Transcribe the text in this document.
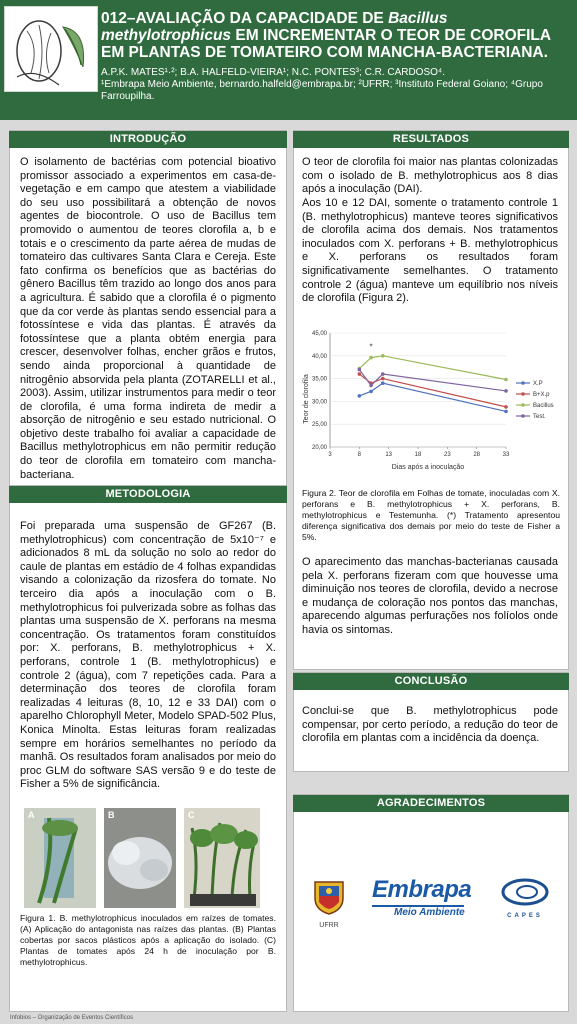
012–AVALIAÇÃO DA CAPACIDADE DE Bacillus methylotrophicus EM INCREMENTAR O TEOR DE COROFILA EM PLANTAS DE TOMATEIRO COM MANCHA-BACTERIANA.
A.P.K. MATES¹·²; B.A. HALFELD-VIEIRA¹; N.C. PONTES³; C.R. CARDOSO⁴.
¹Embrapa Meio Ambiente, bernardo.halfeld@embrapa.br; ²UFRR; ³Instituto Federal Goiano; ⁴Grupo Farroupilha.
INTRODUÇÃO
O isolamento de bactérias com potencial bioativo promissor associado a experimentos em casa-de-vegetação e em campo que atestem a viabilidade do seu uso possibilitará a obtenção de novos agentes de biocontrole. O uso de Bacillus tem promovido o aumentou de teores clorofila a, b e totais e o crescimento da parte aérea de mudas de tomateiro das cultivares Santa Clara e Cereja. Este fato confirma os benefícios que as bactérias do gênero Bacillus têm trazido ao longo dos anos para a agricultura. É sabido que a clorofila é o pigmento que da cor verde às plantas sendo essencial para a fotossíntese e vida das plantas. É através da fotossíntese que a planta obtém energia para crescer, desenvolver folhas, encher grãos e frutos, sendo ainda proporcional à quantidade de nitrogênio absorvida pela planta (ZOTARELLI et al., 2003). Assim, utilizar instrumentos para medir o teor de clorofila, é uma forma indireta de medir a absorção de nitrogênio e seu estado nutricional. O objetivo deste trabalho foi avaliar a capacidade de Bacillus methylotrophicus em não permitir redução do teor de clorofila em tomateiro com mancha-bacteriana.
METODOLOGIA
Foi preparada uma suspensão de GF267 (B. methylotrophicus) com concentração de 5x10⁻⁷ e adicionados 8 mL da solução no solo ao redor do caule de plantas em estádio de 4 folhas expandidas visando a colonização da rizosfera do tomate. No terceiro dia após a inoculação com o B. methylotrophicus foi pulverizada sobre as folhas das plantas uma suspensão de X. perforans na mesma concentração. Os tratamentos foram constituídos por: X. perforans, B. methylotrophicus + X. perforans, controle 1 (B. methylotrophicus) e controle 2 (água), com 7 repetições cada. Para a determinação dos teores de clorofila foram realizadas 4 leituras (8, 10, 12 e 33 DAI) com o aparelho Chlorophyll Meter, Modelo SPAD-502 Plus, Konica Minolta. Estas leituras foram realizadas sempre em horários semelhantes no período da manhã. Os resultados foram analisados por meio do proc GLM do software SAS versão 9 e do teste de Fisher a 5% de significância.
A	B	C
Figura 1. B. methylotrophicus inoculados em raízes de tomates. (A) Aplicação do antagonista nas raízes das plantas. (B) Plantas cobertas por sacos plásticos após a aplicação do isolado. (C) Plantas de tomates após 24 h de inoculação por B. methylotrophicus.
RESULTADOS
O teor de clorofila foi maior nas plantas colonizadas com o isolado de B. methylotrophicus aos 8 dias após a inoculação (DAI).
Aos 10 e 12 DAI, somente o tratamento controle 1 (B. methylotrophicus) manteve teores significativos de clorofila acima dos demais. Nos tratamentos inoculados com X. perforans + B. methylotrophicus e X. perforans os resultados foram significativamente semelhantes. O tratamento controle 2 (água) manteve um equilíbrio nos níveis de clorofila (Figura 2).
20,00
25,00
30,00
35,00
40,00
45,00
3	8	13	18	23	28	33
*
X.P
B+X.p
Bacillus
Test.
Teor de clorofila
Dias após a inoculação
Figura 2. Teor de clorofila em Folhas de tomate, inoculadas com X. perforans e B. methylotrophicus + X. perforans, B. methylotrophicus e Testemunha. (*) Tratamento apresentou diferença significativa dos demais por meio do teste de Fisher a 5%.
O aparecimento das manchas-bacterianas causada pela X. perforans fizeram com que houvesse uma diminuição nos teores de clorofila, devido a necrose e mudança de coloração nos pontos das manchas, aparecendo algumas perfurações nos folíolos onde havia os sintomas.
CONCLUSÃO
Conclui-se que B. methylotrophicus pode compensar, por certo período, a redução do teor de clorofila em plantas com a incidência da doença.
AGRADECIMENTOS
UFRR
Embrapa
Meio Ambiente	CAPES
Infobios – Organização de Eventos Científicos
